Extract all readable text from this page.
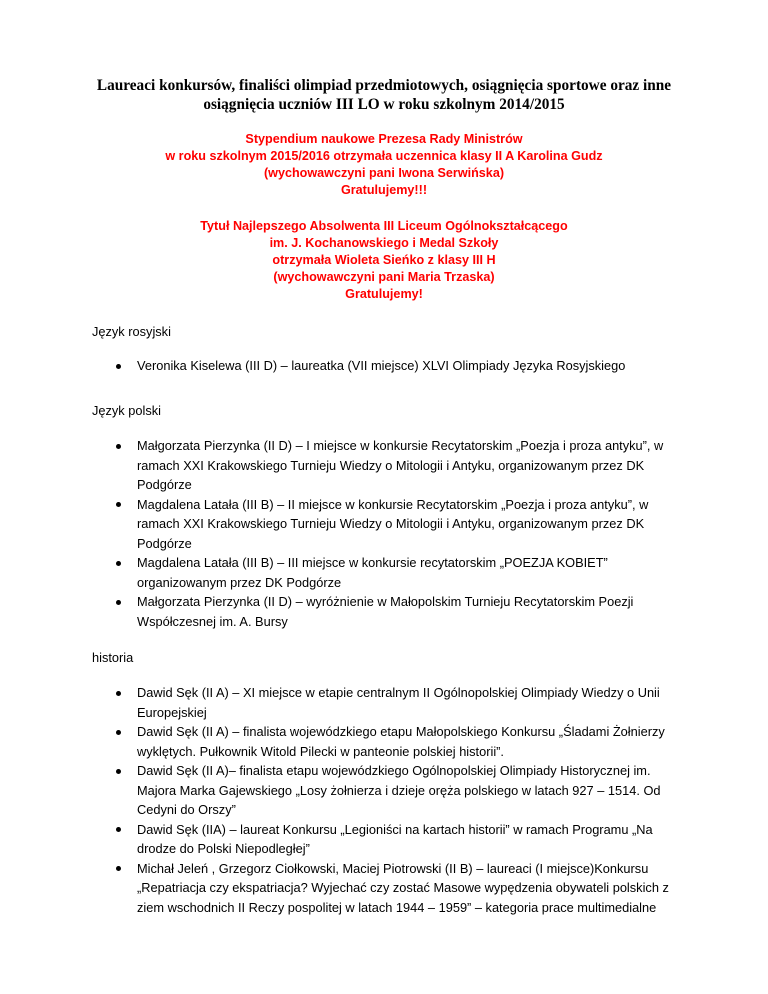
Laureaci konkursów, finaliści olimpiad przedmiotowych, osiągnięcia sportowe oraz inne
osiągnięcia uczniów III LO w roku szkolnym 2014/2015
Stypendium naukowe Prezesa Rady Ministrów
w roku szkolnym 2015/2016 otrzymała uczennica klasy II A Karolina Gudz
(wychowawczyni pani Iwona Serwińska)
Gratulujemy!!!
Tytuł Najlepszego Absolwenta III Liceum Ogólnokształcącego
im. J. Kochanowskiego i Medal Szkoły
otrzymała Wioleta Sieńko z klasy III H
(wychowawczyni pani Maria Trzaska)
Gratulujemy!
Język rosyjski
Veronika Kiselewa (III D) – laureatka (VII miejsce) XLVI Olimpiady Języka Rosyjskiego
Język polski
Małgorzata Pierzynka (II D) – I miejsce w konkursie Recytatorskim „Poezja i proza antyku”, w ramach XXI Krakowskiego Turnieju Wiedzy o Mitologii i Antyku, organizowanym przez DK Podgórze
Magdalena Latała (III B) – II miejsce w konkursie Recytatorskim „Poezja i proza antyku”, w ramach XXI Krakowskiego Turnieju Wiedzy o Mitologii i Antyku, organizowanym przez DK Podgórze
Magdalena Latała (III B) – III miejsce w konkursie recytatorskim „POEZJA KOBIET” organizowanym przez DK Podgórze
Małgorzata Pierzynka (II D) – wyróżnienie w Małopolskim Turnieju Recytatorskim Poezji Współczesnej im. A. Bursy
historia
Dawid Sęk (II A) – XI miejsce w etapie centralnym II Ogólnopolskiej Olimpiady Wiedzy o Unii Europejskiej
Dawid Sęk (II A) – finalista wojewódzkiego etapu Małopolskiego Konkursu „Śladami Żołnierzy wyklętych. Pułkownik Witold Pilecki w panteonie polskiej historii”.
Dawid Sęk (II A)– finalista etapu wojewódzkiego Ogólnopolskiej Olimpiady Historycznej im. Majora Marka Gajewskiego „Losy żołnierza i dzieje oręża polskiego w latach 927 – 1514. Od Cedyni do Orszy”
Dawid Sęk (IIA) – laureat Konkursu „Legioniści na kartach historii” w ramach Programu „Na drodze do Polski Niepodległej”
Michał Jeleń , Grzegorz Ciołkowski, Maciej Piotrowski (II B) – laureaci (I miejsce)Konkursu „Repatriacja czy ekspatriacja? Wyjechać czy zostać Masowe wypędzenia obywateli polskich z ziem wschodnich II Reczy pospolitej w latach 1944 – 1959” – kategoria prace multimedialne
